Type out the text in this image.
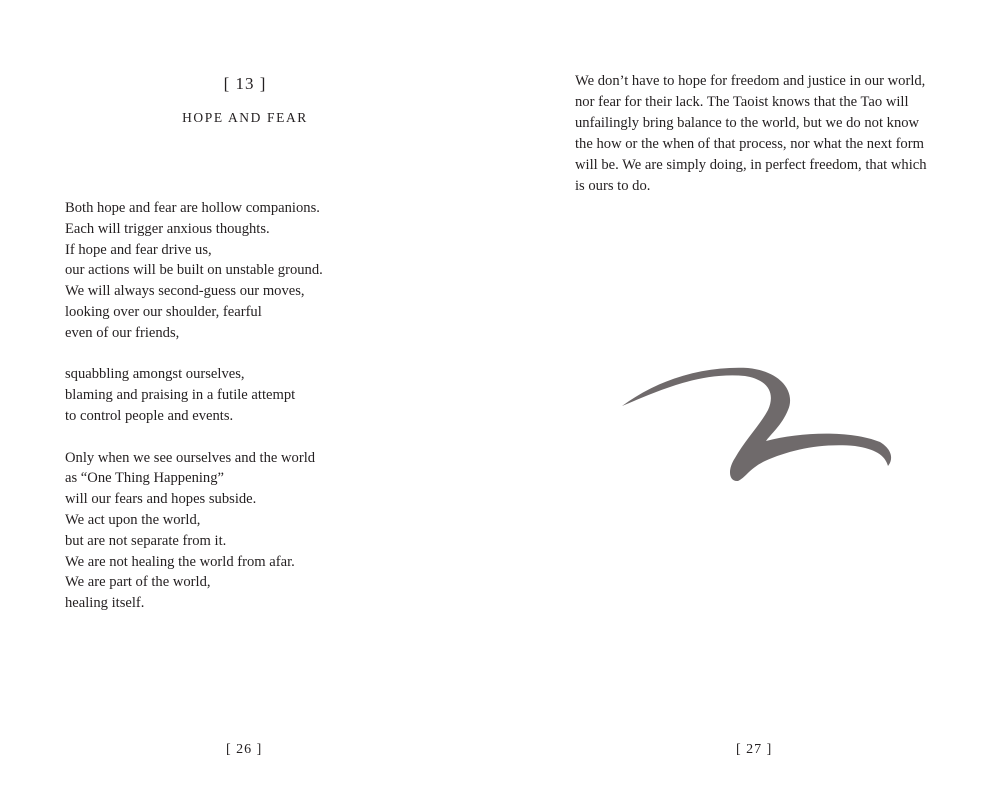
[ 13 ]
HOPE AND FEAR
Both hope and fear are hollow companions.
Each will trigger anxious thoughts.
If hope and fear drive us,
our actions will be built on unstable ground.
We will always second-guess our moves,
looking over our shoulder, fearful
even of our friends,
squabbling amongst ourselves,
blaming and praising in a futile attempt
to control people and events.
Only when we see ourselves and the world
as “One Thing Happening”
will our fears and hopes subside.
We act upon the world,
but are not separate from it.
We are not healing the world from afar.
We are part of the world,
healing itself.
[ 26 ]
We don’t have to hope for freedom and justice in our world,
nor fear for their lack. The Taoist knows that the Tao will
unfailingly bring balance to the world, but we do not know
the how or the when of that process, nor what the next form
will be. We are simply doing, in perfect freedom, that which
is ours to do.
[ 27 ]
